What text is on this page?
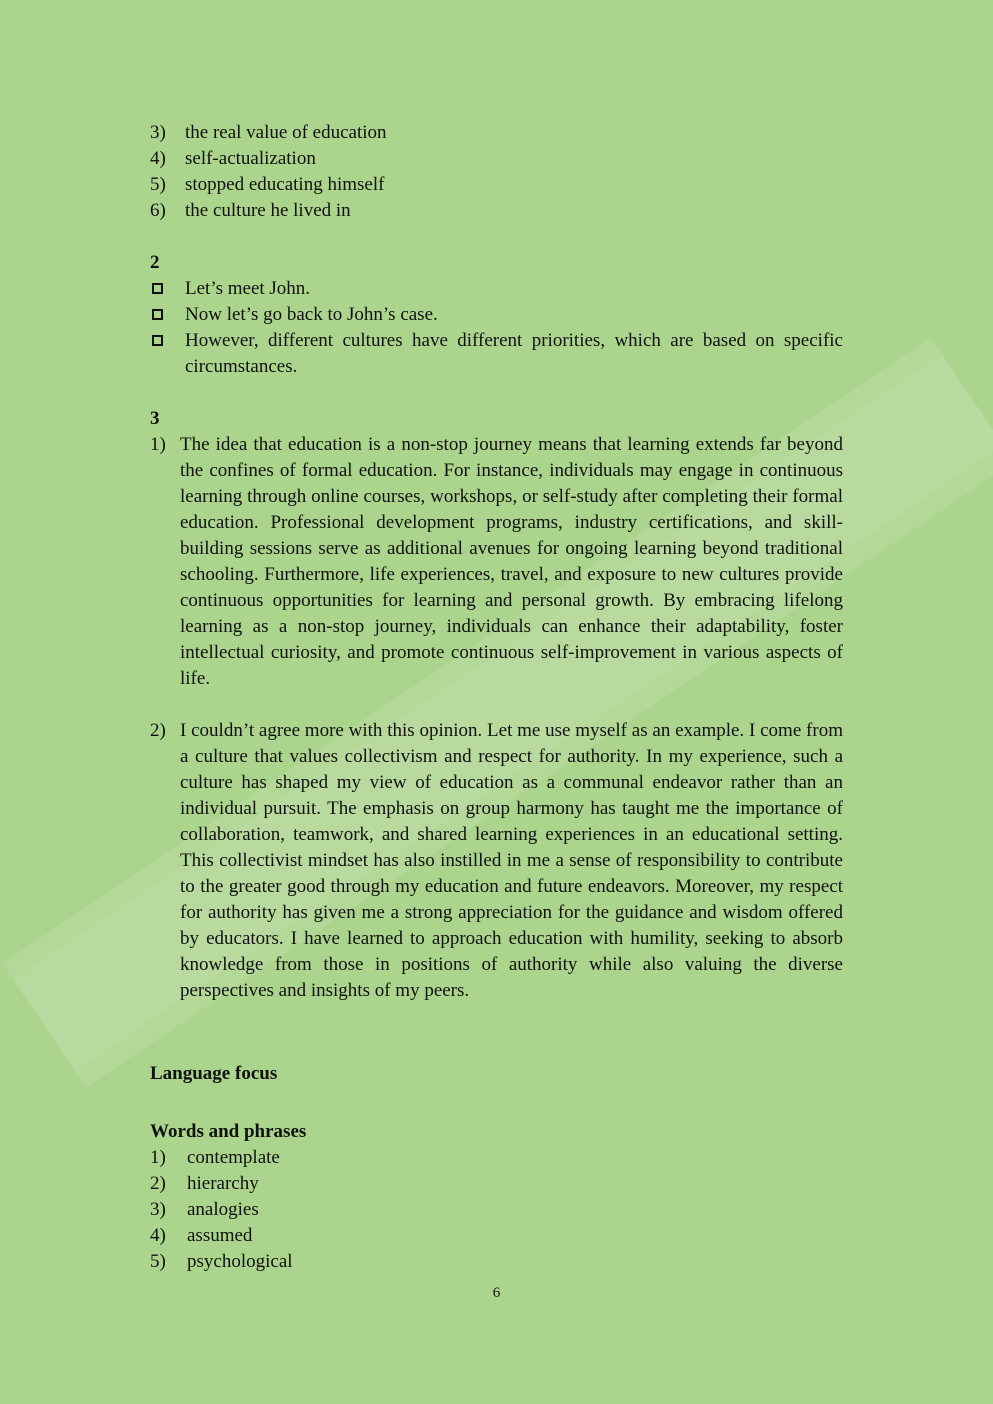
3) the real value of education
4) self-actualization
5) stopped educating himself
6) the culture he lived in
2
Let’s meet John.
Now let’s go back to John’s case.
However, different cultures have different priorities, which are based on specific circumstances.
3
1) The idea that education is a non-stop journey means that learning extends far beyond the confines of formal education. For instance, individuals may engage in continuous learning through online courses, workshops, or self-study after completing their formal education. Professional development programs, industry certifications, and skill-building sessions serve as additional avenues for ongoing learning beyond traditional schooling. Furthermore, life experiences, travel, and exposure to new cultures provide continuous opportunities for learning and personal growth. By embracing lifelong learning as a non-stop journey, individuals can enhance their adaptability, foster intellectual curiosity, and promote continuous self-improvement in various aspects of life.
2) I couldn’t agree more with this opinion. Let me use myself as an example. I come from a culture that values collectivism and respect for authority. In my experience, such a culture has shaped my view of education as a communal endeavor rather than an individual pursuit. The emphasis on group harmony has taught me the importance of collaboration, teamwork, and shared learning experiences in an educational setting. This collectivist mindset has also instilled in me a sense of responsibility to contribute to the greater good through my education and future endeavors. Moreover, my respect for authority has given me a strong appreciation for the guidance and wisdom offered by educators. I have learned to approach education with humility, seeking to absorb knowledge from those in positions of authority while also valuing the diverse perspectives and insights of my peers.
Language focus
Words and phrases
1) contemplate
2) hierarchy
3) analogies
4) assumed
5) psychological
6
